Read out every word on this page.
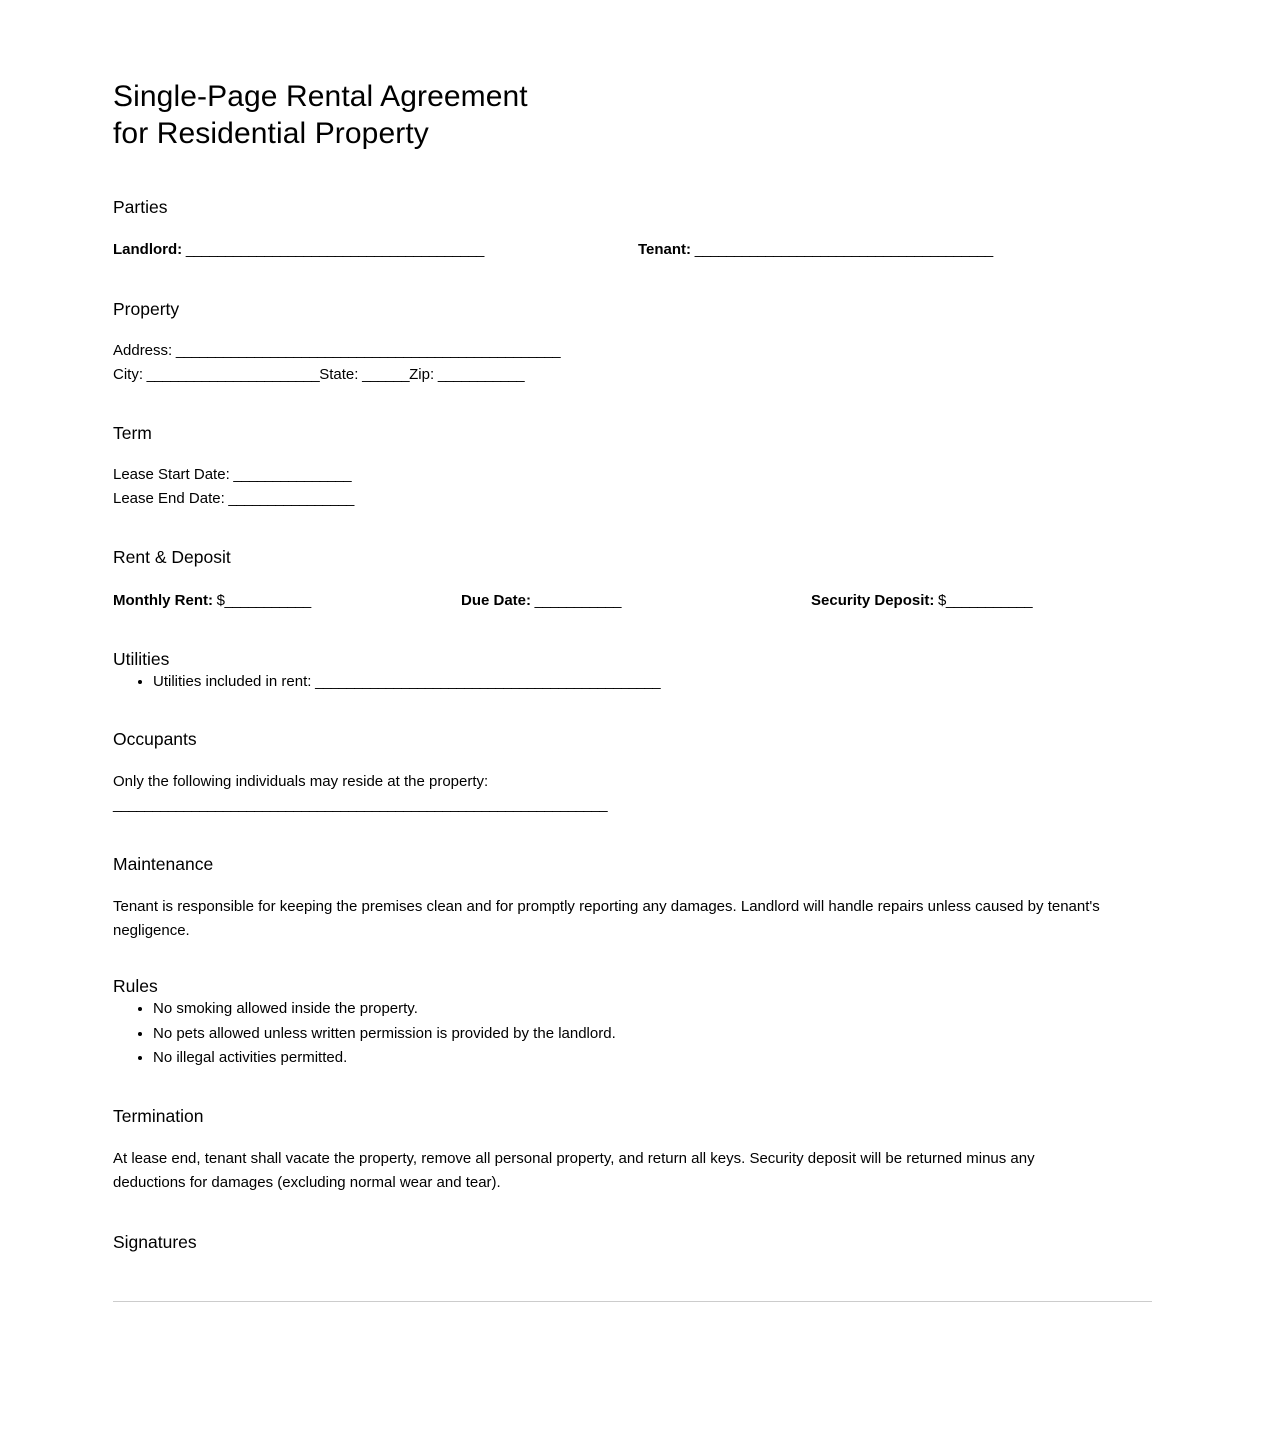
Single-Page Rental Agreement
for Residential Property
Parties
Landlord: ______________________________________	Tenant: ______________________________________
Property
Address: _________________________________________________
City: ______________________State: ______Zip: ___________
Term
Lease Start Date: _______________
Lease End Date: ________________
Rent & Deposit
Monthly Rent: $___________	Due Date: ___________	Security Deposit: $___________
Utilities
Utilities included in rent: ____________________________________________
Occupants

Only the following individuals may reside at the property:

_______________________________________________________________
Maintenance

Tenant is responsible for keeping the premises clean and for promptly reporting any damages. Landlord will handle repairs unless caused by tenant's negligence.

Rules
No smoking allowed inside the property.
No pets allowed unless written permission is provided by the landlord.
No illegal activities permitted.
Termination

At lease end, tenant shall vacate the property, remove all personal property, and return all keys. Security deposit will be returned minus any deductions for damages (excluding normal wear and tear).

Signatures
